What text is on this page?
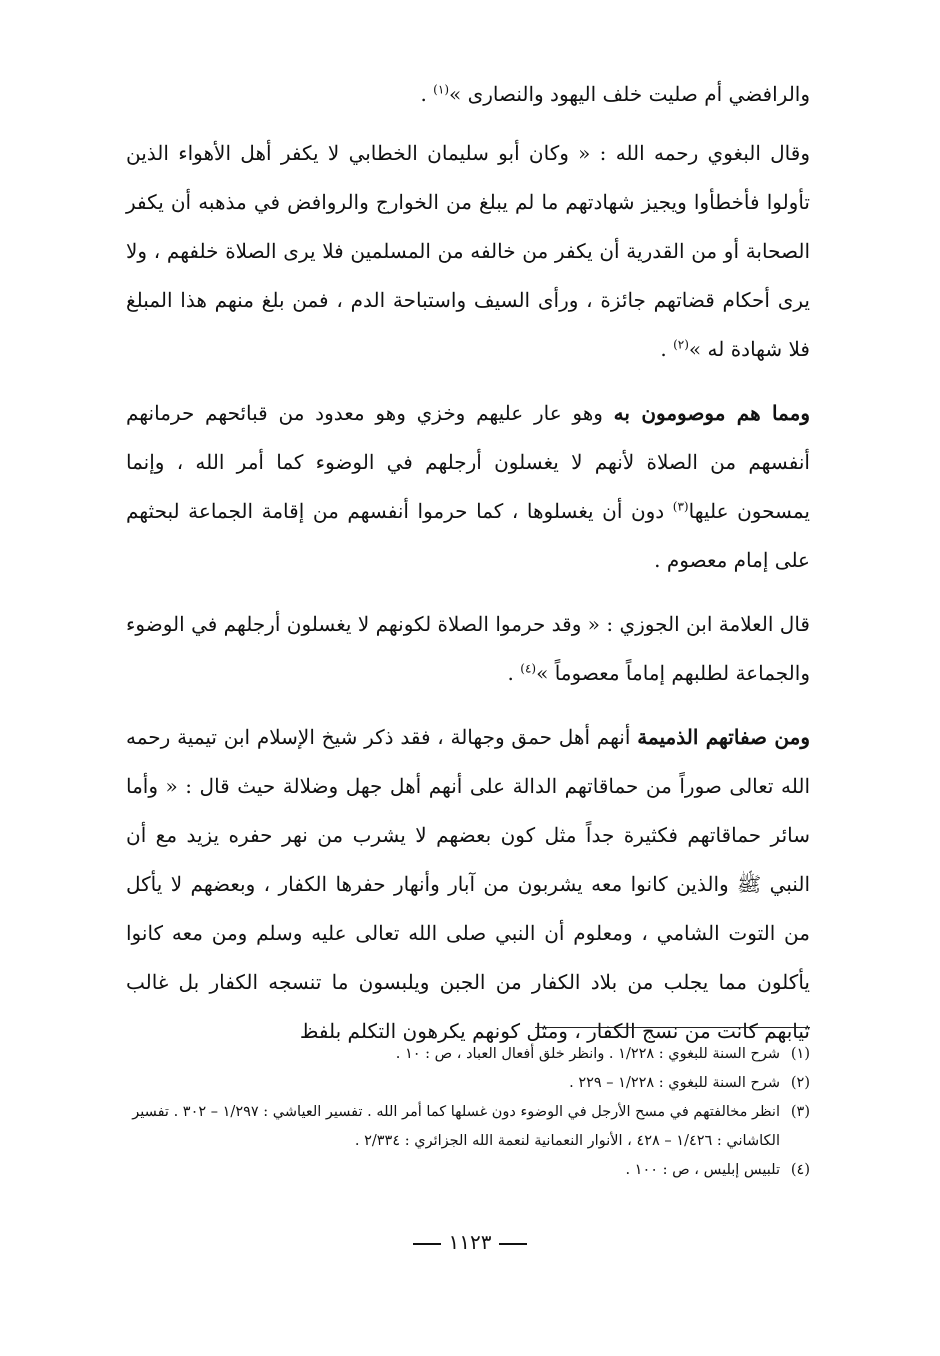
والرافضي أم صليت خلف اليهود والنصارى »$^{(١)}$ .

وقال البغوي رحمه الله : « وكان أبو سليمان الخطابي لا يكفر أهل الأهواء الذين تأولوا فأخطأوا ويجيز شهادتهم ما لم يبلغ من الخوارج والروافض في مذهبه أن يكفر الصحابة أو من القدرية أن يكفر من خالفه من المسلمين فلا يرى الصلاة خلفهم ، ولا يرى أحكام قضاتهم جائزة ، ورأى السيف واستباحة الدم ، فمن بلغ منهم هذا المبلغ فلا شهادة له »$^{(٢)}$ .

ومما هم موصومون به وهو عار عليهم وخزي وهو معدود من قبائحهم حرمانهم أنفسهم من الصلاة لأنهم لا يغسلون أرجلهم في الوضوء كما أمر الله ، وإنما يمسحون عليها$^{(٣)}$ دون أن يغسلوها ، كما حرموا أنفسهم من إقامة الجماعة لبحثهم على إمام معصوم .

قال العلامة ابن الجوزي : « وقد حرموا الصلاة لكونهم لا يغسلون أرجلهم في الوضوء والجماعة لطلبهم إماماً معصوماً »$^{(٤)}$ .

ومن صفاتهم الذميمة أنهم أهل حمق وجهالة ، فقد ذكر شيخ الإسلام ابن تيمية رحمه الله تعالى صوراً من حماقاتهم الدالة على أنهم أهل جهل وضلالة حيث قال : « وأما سائر حماقاتهم فكثيرة جداً مثل كون بعضهم لا يشرب من نهر حفره يزيد مع أن النبي ﷺ والذين كانوا معه يشربون من آبار وأنهار حفرها الكفار ، وبعضهم لا يأكل من التوت الشامي ، ومعلوم أن النبي صلى الله تعالى عليه وسلم ومن معه كانوا يأكلون مما يجلب من بلاد الكفار من الجبن ويلبسون ما تنسجه الكفار بل غالب ثيابهم كانت من نسج الكفار ، ومثل كونهم يكرهون التكلم بلفظ

(١)
شرح السنة للبغوي : ١/٢٢٨ . وانظر خلق أفعال العباد ، ص : ١٠ .
(٢)
شرح السنة للبغوي : ١/٢٢٨ – ٢٢٩ .
(٣)
انظر مخالفتهم في مسح الأرجل في الوضوء دون غسلها كما أمر الله . تفسير العياشي : ١/٢٩٧ – ٣٠٢ . تفسير الكاشاني : ١/٤٢٦ – ٤٢٨ ، الأنوار النعمانية لنعمة الله الجزائري : ٢/٣٣٤ .
(٤)
تلبيس إبليس ، ص : ١٠٠ .
١١٢٣
